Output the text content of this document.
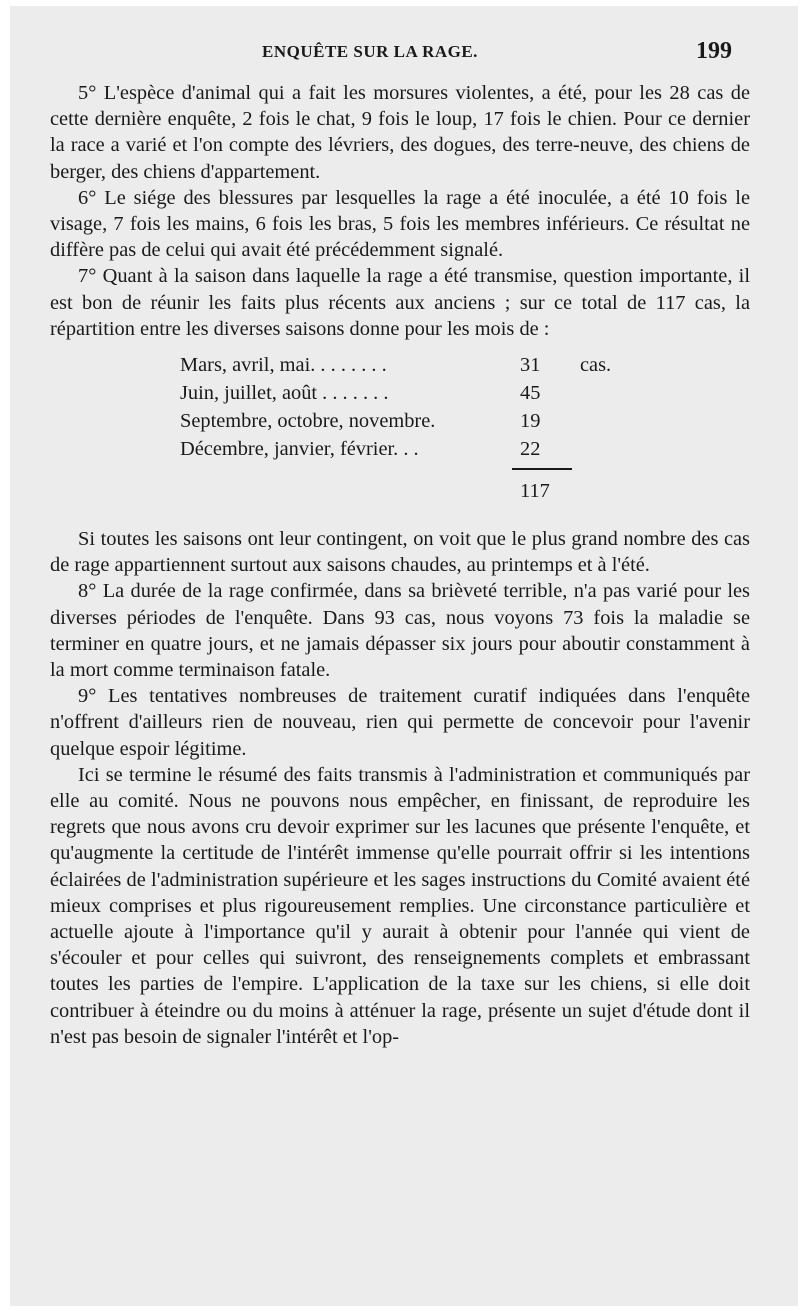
ENQUÊTE SUR LA RAGE.	199

5° L'espèce d'animal qui a fait les morsures violentes, a été, pour les 28 cas de cette dernière enquête, 2 fois le chat, 9 fois le loup, 17 fois le chien. Pour ce dernier la race a varié et l'on compte des lévriers, des dogues, des terre-neuve, des chiens de berger, des chiens d'appartement.

6° Le siége des blessures par lesquelles la rage a été inoculée, a été 10 fois le visage, 7 fois les mains, 6 fois les bras, 5 fois les membres inférieurs. Ce résultat ne diffère pas de celui qui avait été précédemment signalé.

7° Quant à la saison dans laquelle la rage a été transmise, question importante, il est bon de réunir les faits plus récents aux anciens ; sur ce total de 117 cas, la répartition entre les diverses saisons donne pour les mois de :

Mars, avril, mai. . . . . . . .	31 cas.
Juin, juillet, août . . . . . . .	45
Septembre, octobre, novembre.	19
Décembre, janvier, février. . .	22
117

Si toutes les saisons ont leur contingent, on voit que le plus grand nombre des cas de rage appartiennent surtout aux saisons chaudes, au printemps et à l'été.

8° La durée de la rage confirmée, dans sa brièveté terrible, n'a pas varié pour les diverses périodes de l'enquête. Dans 93 cas, nous voyons 73 fois la maladie se terminer en quatre jours, et ne jamais dépasser six jours pour aboutir constamment à la mort comme terminaison fatale.

9° Les tentatives nombreuses de traitement curatif indiquées dans l'enquête n'offrent d'ailleurs rien de nouveau, rien qui permette de concevoir pour l'avenir quelque espoir légitime.

Ici se termine le résumé des faits transmis à l'administration et communiqués par elle au comité. Nous ne pouvons nous empêcher, en finissant, de reproduire les regrets que nous avons cru devoir exprimer sur les lacunes que présente l'enquête, et qu'augmente la certitude de l'intérêt immense qu'elle pourrait offrir si les intentions éclairées de l'administration supérieure et les sages instructions du Comité avaient été mieux comprises et plus rigoureusement remplies. Une circonstance particulière et actuelle ajoute à l'importance qu'il y aurait à obtenir pour l'année qui vient de s'écouler et pour celles qui suivront, des renseignements complets et embrassant toutes les parties de l'empire. L'application de la taxe sur les chiens, si elle doit contribuer à éteindre ou du moins à atténuer la rage, présente un sujet d'étude dont il n'est pas besoin de signaler l'intérêt et l'op-
